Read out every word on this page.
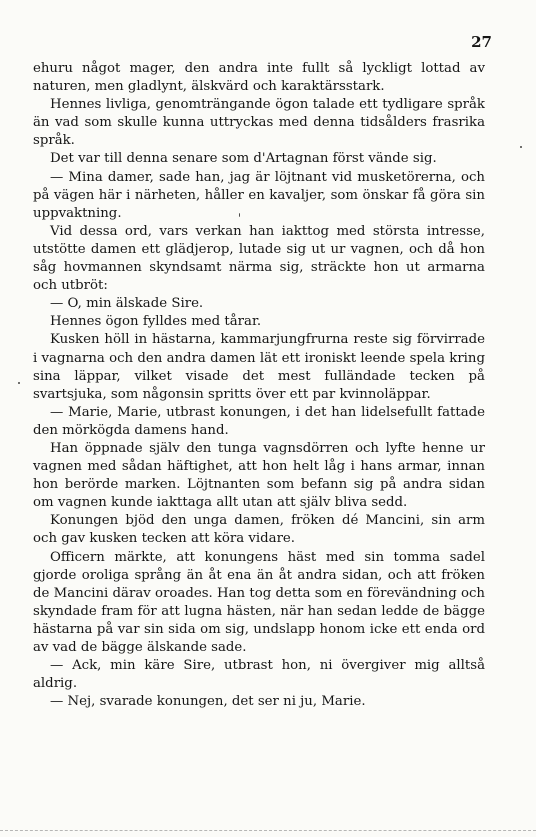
27

ehuru något mager, den andra inte fullt så lyckligt lottad av naturen, men gladlynt, älskvärd och karaktärsstark.

Hennes livliga, genomträngande ögon talade ett tydligare språk än vad som skulle kunna uttryckas med denna tidsålders frasrika språk.

Det var till denna senare som d'Artagnan först vände sig.

— Mina damer, sade han, jag är löjtnant vid musketörerna, och på vägen här i närheten, håller en kavaljer, som önskar få göra sin uppvaktning.

Vid dessa ord, vars verkan han iakttog med största intresse, utstötte damen ett glädjerop, lutade sig ut ur vagnen, och då hon såg hovmannen skyndsamt närma sig, sträckte hon ut armarna och utbröt:

— O, min älskade Sire.

Hennes ögon fylldes med tårar.

Kusken höll in hästarna, kammarjungfrurna reste sig förvirrade i vagnarna och den andra damen lät ett ironiskt leende spela kring sina läppar, vilket visade det mest fulländade tecken på svartsjuka, som någonsin spritts över ett par kvinnoläppar.

— Marie, Marie, utbrast konungen, i det han lidelsefullt fattade den mörkögda damens hand.

Han öppnade själv den tunga vagnsdörren och lyfte henne ur vagnen med sådan häftighet, att hon helt låg i hans armar, innan hon berörde marken. Löjtnanten som befann sig på andra sidan om vagnen kunde iakttaga allt utan att själv bliva sedd.

Konungen bjöd den unga damen, fröken dé Mancini, sin arm och gav kusken tecken att köra vidare.

Officern märkte, att konungens häst med sin tomma sadel gjorde oroliga språng än åt ena än åt andra sidan, och att fröken de Mancini därav oroades. Han tog detta som en förevändning och skyndade fram för att lugna hästen, när han sedan ledde de bägge hästarna på var sin sida om sig, undslapp honom icke ett enda ord av vad de bägge älskande sade.

— Ack, min käre Sire, utbrast hon, ni övergiver mig alltså aldrig.

— Nej, svarade konungen, det ser ni ju, Marie.
